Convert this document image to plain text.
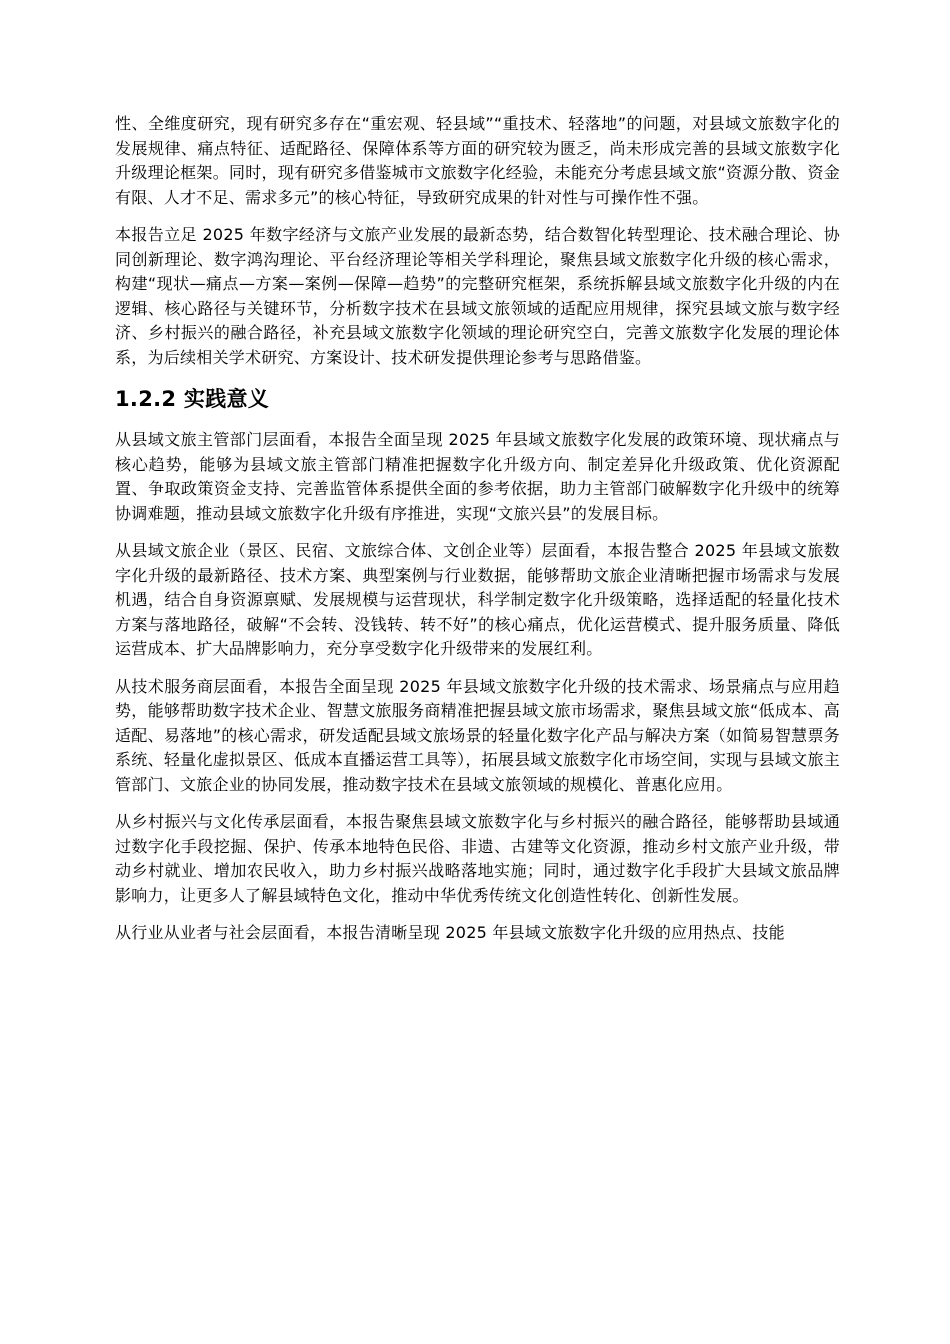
性、全维度研究，现有研究多存在“重宏观、轻县域”“重技术、轻落地”的问题，对县域文旅数字化的发展规律、痛点特征、适配路径、保障体系等方面的研究较为匮乏，尚未形成完善的县域文旅数字化升级理论框架。同时，现有研究多借鉴城市文旅数字化经验，未能充分考虑县域文旅“资源分散、资金有限、人才不足、需求多元”的核心特征，导致研究成果的针对性与可操作性不强。

本报告立足 2025 年数字经济与文旅产业发展的最新态势，结合数智化转型理论、技术融合理论、协同创新理论、数字鸿沟理论、平台经济理论等相关学科理论，聚焦县域文旅数字化升级的核心需求，构建“现状—痛点—方案—案例—保障—趋势”的完整研究框架，系统拆解县域文旅数字化升级的内在逻辑、核心路径与关键环节，分析数字技术在县域文旅领域的适配应用规律，探究县域文旅与数字经济、乡村振兴的融合路径，补充县域文旅数字化领域的理论研究空白，完善文旅数字化发展的理论体系，为后续相关学术研究、方案设计、技术研发提供理论参考与思路借鉴。

1.2.2 实践意义

从县域文旅主管部门层面看，本报告全面呈现 2025 年县域文旅数字化发展的政策环境、现状痛点与核心趋势，能够为县域文旅主管部门精准把握数字化升级方向、制定差异化升级政策、优化资源配置、争取政策资金支持、完善监管体系提供全面的参考依据，助力主管部门破解数字化升级中的统筹协调难题，推动县域文旅数字化升级有序推进，实现“文旅兴县”的发展目标。

从县域文旅企业（景区、民宿、文旅综合体、文创企业等）层面看，本报告整合 2025 年县域文旅数字化升级的最新路径、技术方案、典型案例与行业数据，能够帮助文旅企业清晰把握市场需求与发展机遇，结合自身资源禀赋、发展规模与运营现状，科学制定数字化升级策略，选择适配的轻量化技术方案与落地路径，破解“不会转、没钱转、转不好”的核心痛点，优化运营模式、提升服务质量、降低运营成本、扩大品牌影响力，充分享受数字化升级带来的发展红利。

从技术服务商层面看，本报告全面呈现 2025 年县域文旅数字化升级的技术需求、场景痛点与应用趋势，能够帮助数字技术企业、智慧文旅服务商精准把握县域文旅市场需求，聚焦县域文旅“低成本、高适配、易落地”的核心需求，研发适配县域文旅场景的轻量化数字化产品与解决方案（如简易智慧票务系统、轻量化虚拟景区、低成本直播运营工具等），拓展县域文旅数字化市场空间，实现与县域文旅主管部门、文旅企业的协同发展，推动数字技术在县域文旅领域的规模化、普惠化应用。

从乡村振兴与文化传承层面看，本报告聚焦县域文旅数字化与乡村振兴的融合路径，能够帮助县域通过数字化手段挖掘、保护、传承本地特色民俗、非遗、古建等文化资源，推动乡村文旅产业升级，带动乡村就业、增加农民收入，助力乡村振兴战略落地实施；同时，通过数字化手段扩大县域文旅品牌影响力，让更多人了解县域特色文化，推动中华优秀传统文化创造性转化、创新性发展。

从行业从业者与社会层面看，本报告清晰呈现 2025 年县域文旅数字化升级的应用热点、技能
